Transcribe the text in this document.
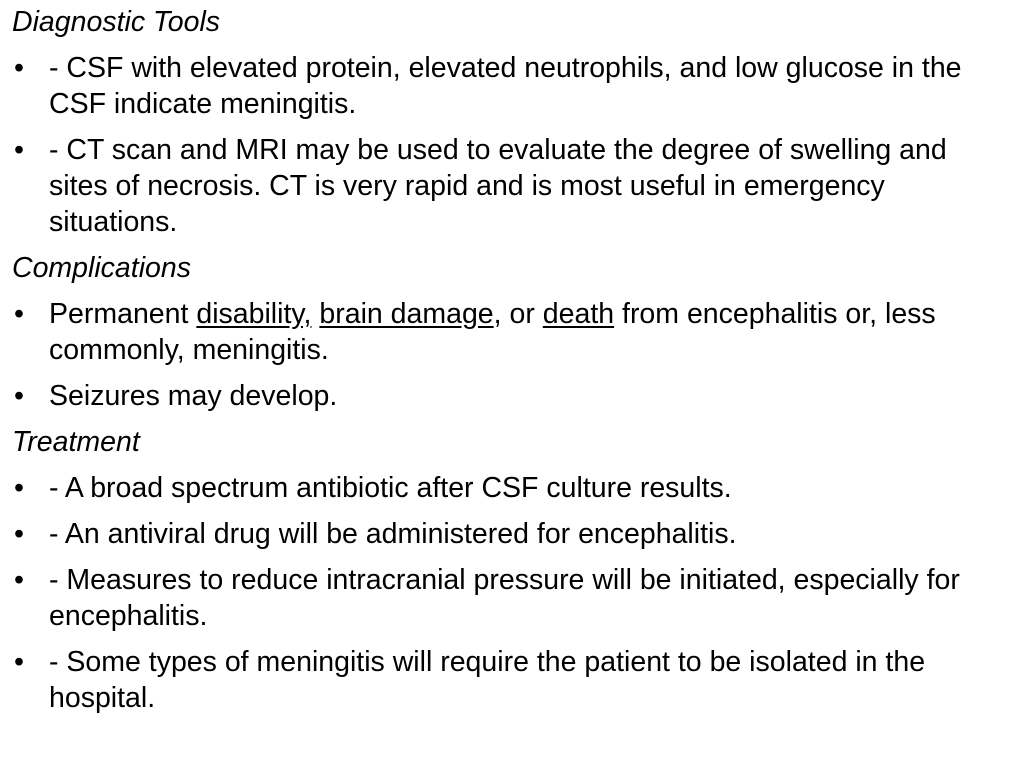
Diagnostic Tools
• - CSF with elevated protein, elevated neutrophils, and low glucose in the CSF indicate meningitis.
• - CT scan and MRI may be used to evaluate the degree of swelling and sites of necrosis. CT is very rapid and is most useful in emergency situations.
Complications
• Permanent disability, brain damage, or death from encephalitis or, less commonly, meningitis.
• Seizures may develop.
Treatment
• - A broad spectrum antibiotic after CSF culture results.
• - An antiviral drug will be administered for encephalitis.
• - Measures to reduce intracranial pressure will be initiated, especially for encephalitis.
• - Some types of meningitis will require the patient to be isolated in the hospital.
